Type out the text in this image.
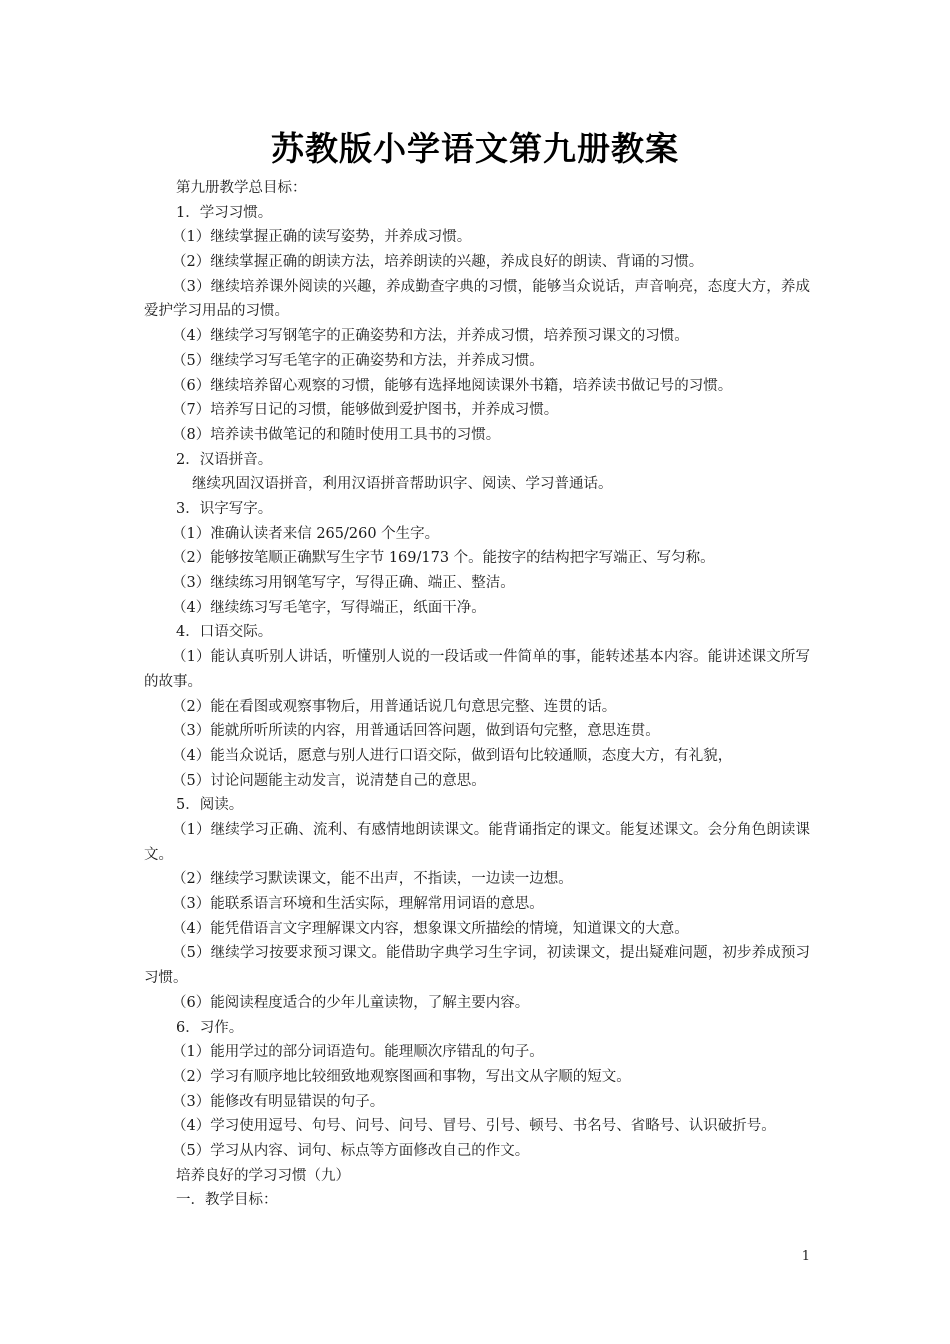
苏教版小学语文第九册教案
第九册教学总目标：
1．学习习惯。
（1）继续掌握正确的读写姿势，并养成习惯。
（2）继续掌握正确的朗读方法，培养朗读的兴趣，养成良好的朗读、背诵的习惯。
（3）继续培养课外阅读的兴趣，养成勤查字典的习惯，能够当众说话，声音响亮，态度大方，养成爱护学习用品的习惯。
（4）继续学习写钢笔字的正确姿势和方法，并养成习惯，培养预习课文的习惯。
（5）继续学习写毛笔字的正确姿势和方法，并养成习惯。
（6）继续培养留心观察的习惯，能够有选择地阅读课外书籍，培养读书做记号的习惯。
（7）培养写日记的习惯，能够做到爱护图书，并养成习惯。
（8）培养读书做笔记的和随时使用工具书的习惯。
2．汉语拼音。
继续巩固汉语拼音，利用汉语拼音帮助识字、阅读、学习普通话。
3．识字写字。
（1）准确认读者来信 265/260 个生字。
（2）能够按笔顺正确默写生字节 169/173 个。能按字的结构把字写端正、写匀称。
（3）继续练习用钢笔写字，写得正确、端正、整洁。
（4）继续练习写毛笔字，写得端正，纸面干净。
4．口语交际。
（1）能认真听别人讲话，听懂别人说的一段话或一件简单的事，能转述基本内容。能讲述课文所写的故事。
（2）能在看图或观察事物后，用普通话说几句意思完整、连贯的话。
（3）能就所听所读的内容，用普通话回答问题，做到语句完整，意思连贯。
（4）能当众说话，愿意与别人进行口语交际，做到语句比较通顺，态度大方，有礼貌，
（5）讨论问题能主动发言，说清楚自己的意思。
5．阅读。
（1）继续学习正确、流利、有感情地朗读课文。能背诵指定的课文。能复述课文。会分角色朗读课文。
（2）继续学习默读课文，能不出声，不指读，一边读一边想。
（3）能联系语言环境和生活实际，理解常用词语的意思。
（4）能凭借语言文字理解课文内容，想象课文所描绘的情境，知道课文的大意。
（5）继续学习按要求预习课文。能借助字典学习生字词，初读课文，提出疑难问题，初步养成预习习惯。
（6）能阅读程度适合的少年儿童读物，了解主要内容。
6．习作。
（1）能用学过的部分词语造句。能理顺次序错乱的句子。
（2）学习有顺序地比较细致地观察图画和事物，写出文从字顺的短文。
（3）能修改有明显错误的句子。
（4）学习使用逗号、句号、问号、问号、冒号、引号、顿号、书名号、省略号、认识破折号。
（5）学习从内容、词句、标点等方面修改自己的作文。
培养良好的学习习惯（九）
一．教学目标：
1
